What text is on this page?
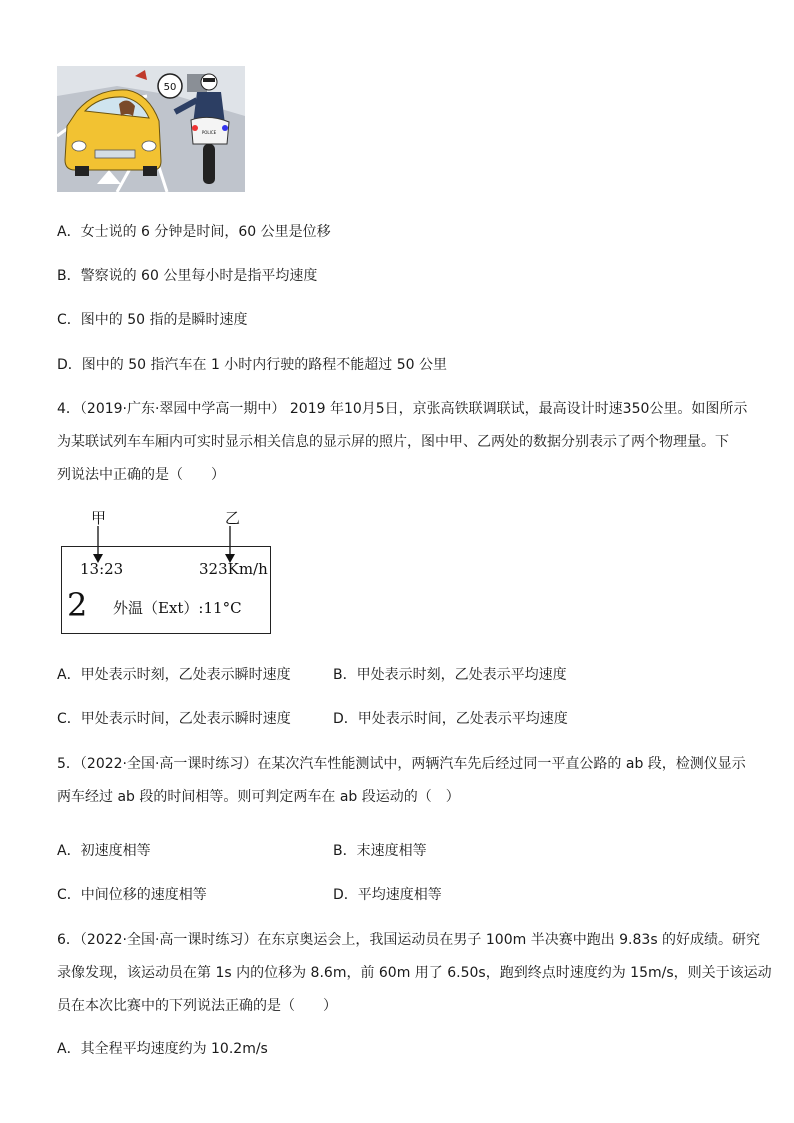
50
POLICE
A．女士说的 6 分钟是时间，60 公里是位移
B．警察说的 60 公里每小时是指平均速度
C．图中的 50 指的是瞬时速度
D．图中的 50 指汽车在 1 小时内行驶的路程不能超过 50 公里
4．（2019·广东·翠园中学高一期中） 2019 年10月5日，京张高铁联调联试，最高设计时速350公里。如图所示
为某联试列车车厢内可实时显示相关信息的显示屏的照片，图中甲、乙两处的数据分别表示了两个物理量。下
列说法中正确的是（　　）
甲	乙
13:23	323Km/h
2 外温（Ext）:11°C
A．甲处表示时刻，乙处表示瞬时速度	B．甲处表示时刻，乙处表示平均速度
C．甲处表示时间，乙处表示瞬时速度	D．甲处表示时间，乙处表示平均速度
5．（2022·全国·高一课时练习）在某次汽车性能测试中，两辆汽车先后经过同一平直公路的 ab 段，检测仪显示
两车经过 ab 段的时间相等。则可判定两车在 ab 段运动的（　）
A．初速度相等	B．末速度相等
C．中间位移的速度相等	D．平均速度相等
6．（2022·全国·高一课时练习）在东京奥运会上，我国运动员在男子 100m 半决赛中跑出 9.83s 的好成绩。研究
录像发现，该运动员在第 1s 内的位移为 8.6m，前 60m 用了 6.50s，跑到终点时速度约为 15m/s，则关于该运动
员在本次比赛中的下列说法正确的是（　　）
A．其全程平均速度约为 10.2m/s
